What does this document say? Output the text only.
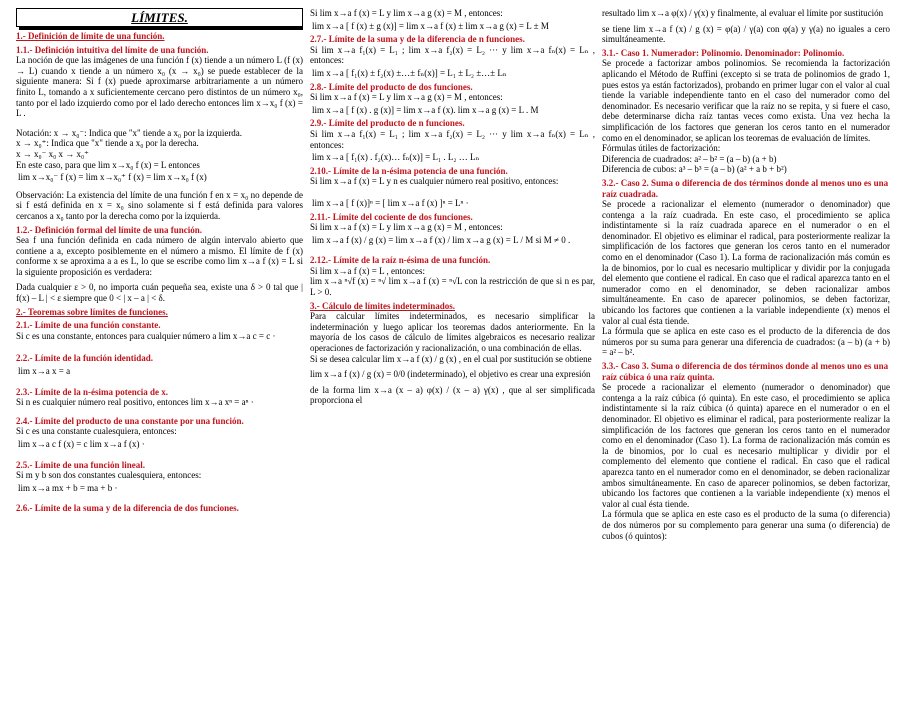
LÍMITES.
1.- Definición de límite de una función.
1.1.- Definición intuitiva del límite de una función.
La noción de que las imágenes de una función f (x) tiende a un número L (f (x) → L) cuando x tiende a un número x₀ (x → x₀) se puede establecer de la siguiente manera: Si f (x) puede aproximarse arbitrariamente a un número finito L, tomando a x suficientemente cercano pero distintos de un número x₀, tanto por el lado izquierdo como por el lado derecho entonces lim x→x₀ f (x) = L .
Notación: x → x₀⁻: Indica que "x" tiende a x₀ por la izquierda.
x → x₀⁺: Indica que "x" tiende a x₀ por la derecha.
x → x₀⁻ x₀ x → x₀⁺
En este caso, para que lim x→x₀ f (x) = L entonces
lim x→x₀⁻ f (x) = lim x→x₀⁺ f (x) = lim x→x₀ f (x)
Observación: La existencia del límite de una función f en x = x₀ no depende de si f está definida en x = x₀ sino solamente si f está definida para valores cercanos a x₀ tanto por la derecha como por la izquierda.
1.2.- Definición formal del límite de una función.
Sea f una función definida en cada número de algún intervalo abierto que contiene a a, excepto posiblemente en el número a mismo. El límite de f (x) conforme x se aproxima a a es L, lo que se escribe como lim x→a f (x) = L si la siguiente proposición es verdadera:
Dada cualquier ε > 0, no importa cuán pequeña sea, existe una δ > 0 tal que | f(x) – L | < ε siempre que 0 < | x – a | < δ.
2.- Teoremas sobre límites de funciones.
2.1.- Límite de una función constante.
Si c es una constante, entonces para cualquier número a lim x→a c = c ·
2.2.- Límite de la función identidad.
lim x→a x = a
2.3.- Límite de la n-ésima potencia de x.
Si n es cualquier número real positivo, entonces lim x→a xⁿ = aⁿ ·
2.4.- Límite del producto de una constante por una función.
Si c es una constante cualesquiera, entonces:
lim x→a c f (x) = c lim x→a f (x) ·
2.5.- Límite de una función lineal.
Si m y b son dos constantes cualesquiera, entonces:
lim x→a mx + b = ma + b ·
2.6.- Límite de la suma y de la diferencia de dos funciones.
Si lim x→a f (x) = L y lim x→a g (x) = M , entonces:
lim x→a [ f (x) ± g (x)] = lim x→a f (x) ± lim x→a g (x) = L ± M
2.7.- Límite de la suma y de la diferencia de n funciones.
Si lim x→a f₁(x) = L₁ ; lim x→a f₂(x) = L₂ ··· y lim x→a fₙ(x) = Lₙ , entonces:
lim x→a [ f₁(x) ± f₂(x) ±…± fₙ(x)] = L₁ ± L₂ ±…± Lₙ
2.8.- Límite del producto de dos funciones.
Si lim x→a f (x) = L y lim x→a g (x) = M , entonces:
lim x→a [ f (x) . g (x)] = lim x→a f (x). lim x→a g (x) = L . M
2.9.- Límite del producto de n funciones.
Si lim x→a f₁(x) = L₁ ; lim x→a f₂(x) = L₂ ··· y lim x→a fₙ(x) = Lₙ , entonces:
lim x→a [ f₁(x) . f₂(x)… fₙ(x)] = L₁ . L₂ … Lₙ
2.10.- Límite de la n-ésima potencia de una función.
Si lim x→a f (x) = L y n es cualquier número real positivo, entonces:
lim x→a [ f (x)]ⁿ = [ lim x→a f (x) ]ⁿ = Lⁿ ·
2.11.- Límite del cociente de dos funciones.
Si lim x→a f (x) = L y lim x→a g (x) = M , entonces:
lim x→a f (x) / g (x) = lim x→a f (x) / lim x→a g (x) = L / M si M ≠ 0 .
2.12.- Límite de la raíz n-ésima de una función.
Si lim x→a f (x) = L , entonces:
lim x→a ⁿ√f (x) = ⁿ√ lim x→a f (x) = ⁿ√L con la restricción de que si n es par, L > 0.
3.- Cálculo de límites indeterminados.
Para calcular límites indeterminados, es necesario simplificar la indeterminación y luego aplicar los teoremas dados anteriormente. En la mayoría de los casos de cálculo de límites algebraicos es necesario realizar operaciones de factorización y racionalización, o una combinación de ellas.
Si se desea calcular lim x→a f (x) / g (x) , en el cual por sustitución se obtiene
lim x→a f (x) / g (x) = 0/0 (indeterminado), el objetivo es crear una expresión
de la forma lim x→a (x – a) φ(x) / (x – a) γ(x) , que al ser simplificada proporciona el
resultado lim x→a φ(x) / γ(x) y finalmente, al evaluar el límite por sustitución
se tiene lim x→a f (x) / g (x) = φ(a) / γ(a) con φ(a) y γ(a) no iguales a cero simultáneamente.
3.1.- Caso 1. Numerador: Polinomio. Denominador: Polinomio.
Se procede a factorizar ambos polinomios. Se recomienda la factorización aplicando el Método de Ruffini (excepto si se trata de polinomios de grado 1, pues estos ya están factorizados), probando en primer lugar con el valor al cual tiende la variable independiente tanto en el caso del numerador como del denominador. Es necesario verificar que la raíz no se repita, y si fuere el caso, debe determinarse dicha raíz tantas veces como exista. Una vez hecha la simplificación de los factores que generan los ceros tanto en el numerador como en el denominador, se aplican los teoremas de evaluación de límites.
Fórmulas útiles de factorización:
Diferencia de cuadrados: a² – b² = (a – b) (a + b)
Diferencia de cubos: a³ – b³ = (a – b) (a² + a b + b²)
3.2.- Caso 2. Suma o diferencia de dos términos donde al menos uno es una raíz cuadrada.
Se procede a racionalizar el elemento (numerador o denominador) que contenga a la raíz cuadrada. En este caso, el procedimiento se aplica indistintamente si la raíz cuadrada aparece en el numerador o en el denominador. El objetivo es eliminar el radical, para posteriormente realizar la simplificación de los factores que generan los ceros tanto en el numerador como en el denominador (Caso 1). La forma de racionalización más común es la de binomios, por lo cual es necesario multiplicar y dividir por la conjugada del elemento que contiene el radical. En caso que el radical aparezca tanto en el numerador como en el denominador, se deben racionalizar ambos simultáneamente. En caso de aparecer polinomios, se deben factorizar, ubicando los factores que contienen a la variable independiente (x) menos el valor al cual ésta tiende.
La fórmula que se aplica en este caso es el producto de la diferencia de dos números por su suma para generar una diferencia de cuadrados: (a – b) (a + b) = a² – b².
3.3.- Caso 3. Suma o diferencia de dos términos donde al menos uno es una raíz cúbica ó una raíz quinta.
Se procede a racionalizar el elemento (numerador o denominador) que contenga a la raíz cúbica (ó quinta). En este caso, el procedimiento se aplica indistintamente si la raíz cúbica (ó quinta) aparece en el numerador o en el denominador. El objetivo es eliminar el radical, para posteriormente realizar la simplificación de los factores que generan los ceros tanto en el numerador como en el denominador (Caso 1). La forma de racionalización más común es la de binomios, por lo cual es necesario multiplicar y dividir por el complemento del elemento que contiene el radical. En caso que el radical aparezca tanto en el numerador como en el denominador, se deben racionalizar ambos simultáneamente. En caso de aparecer polinomios, se deben factorizar, ubicando los factores que contienen a la variable independiente (x) menos el valor al cual ésta tiende.
La fórmula que se aplica en este caso es el producto de la suma (o diferencia) de dos números por su complemento para generar una suma (o diferencia) de cubos (ó quintos):
